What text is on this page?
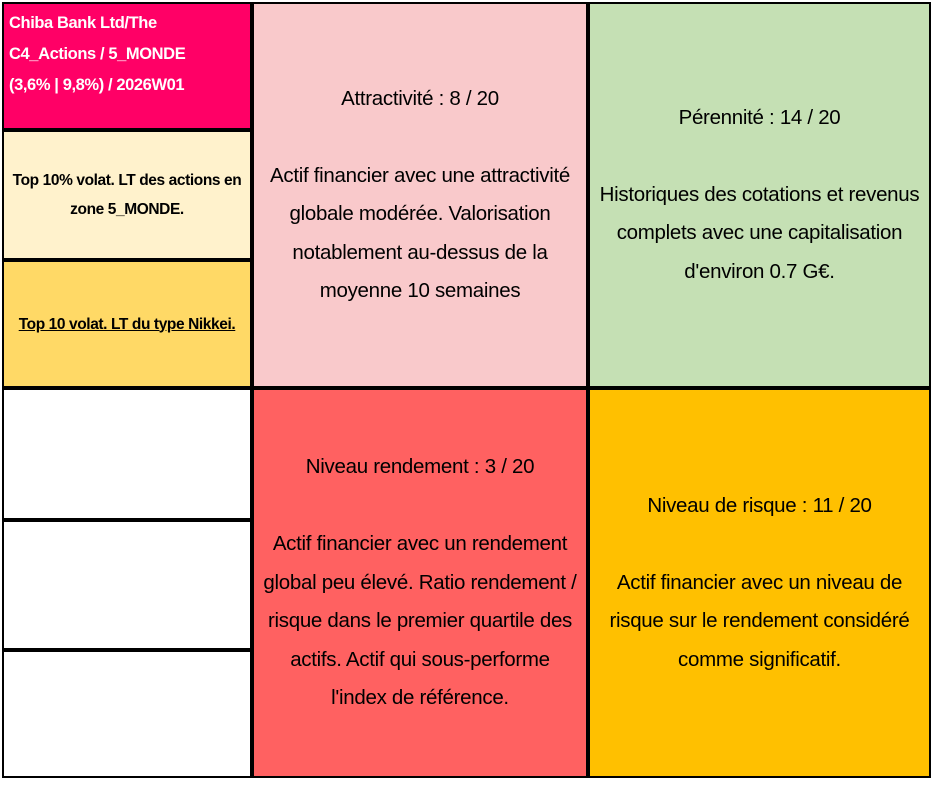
Chiba Bank Ltd/The
C4_Actions / 5_MONDE
(3,6% | 9,8%) / 2026W01
Top 10% volat. LT des actions en zone 5_MONDE.
Top 10 volat. LT du type Nikkei.
Attractivité : 8 / 20
Actif financier avec une attractivité globale modérée. Valorisation notablement au-dessus de la moyenne 10 semaines
Pérennité : 14 / 20
Historiques des cotations et revenus complets avec une capitalisation d'environ 0.7 G€.
Niveau rendement : 3 / 20
Actif financier avec un rendement global peu élevé. Ratio rendement / risque dans le premier quartile des actifs. Actif qui sous-performe l'index de référence.
Niveau de risque : 11 / 20
Actif financier avec un niveau de risque sur le rendement considéré comme significatif.
